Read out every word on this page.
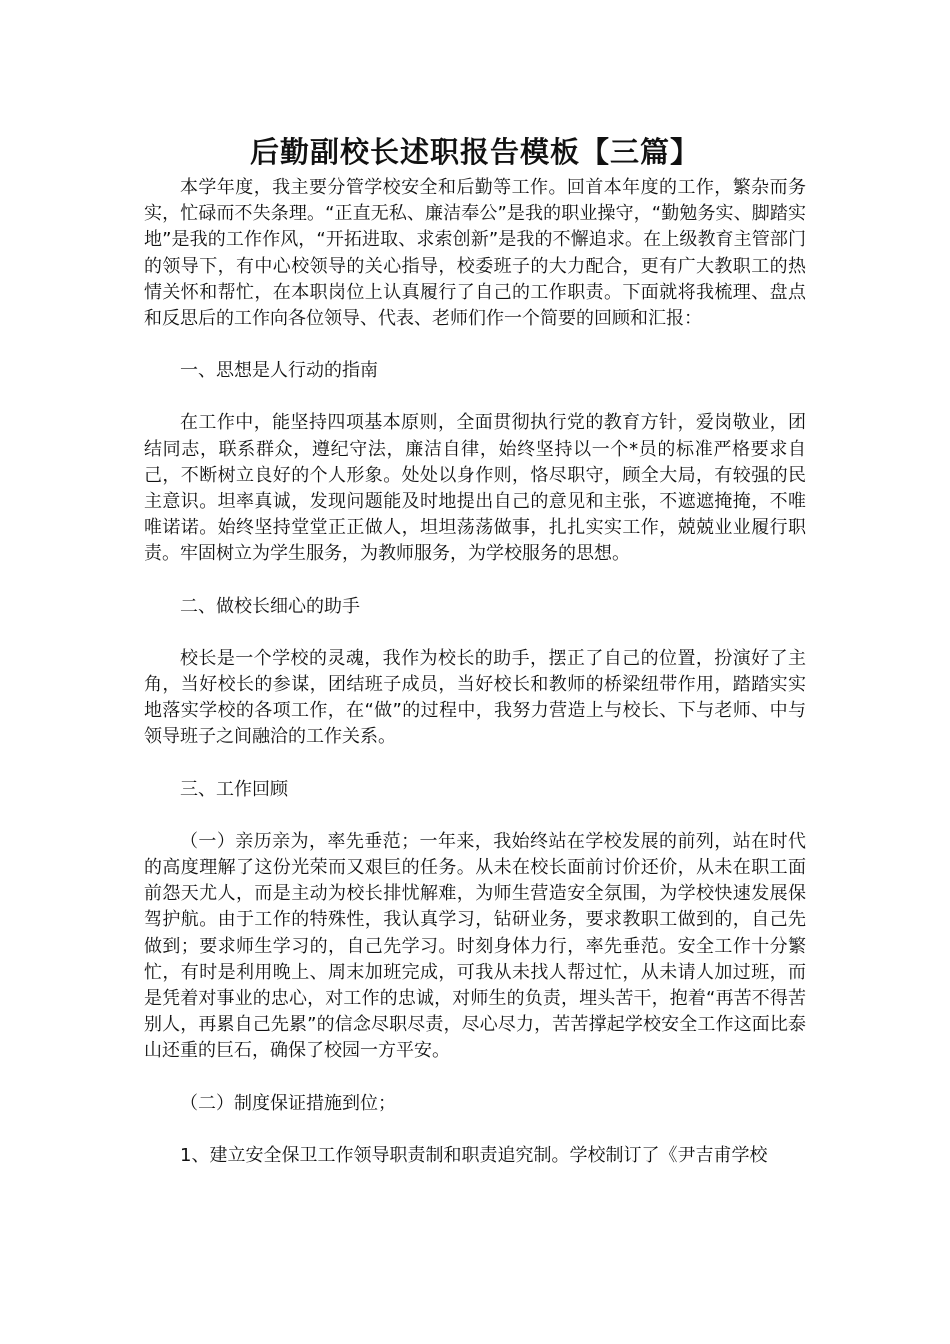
后勤副校长述职报告模板【三篇】

本学年度，我主要分管学校安全和后勤等工作。回首本年度的工作，繁杂而务实，忙碌而不失条理。“正直无私、廉洁奉公”是我的职业操守，“勤勉务实、脚踏实地”是我的工作作风，“开拓进取、求索创新”是我的不懈追求。在上级教育主管部门的领导下，有中心校领导的关心指导，校委班子的大力配合，更有广大教职工的热情关怀和帮忙，在本职岗位上认真履行了自己的工作职责。下面就将我梳理、盘点和反思后的工作向各位领导、代表、老师们作一个简要的回顾和汇报：

一、思想是人行动的指南

在工作中，能坚持四项基本原则，全面贯彻执行党的教育方针，爱岗敬业，团结同志，联系群众，遵纪守法，廉洁自律，始终坚持以一个*员的标准严格要求自己，不断树立良好的个人形象。处处以身作则，恪尽职守，顾全大局，有较强的民主意识。坦率真诚，发现问题能及时地提出自己的意见和主张，不遮遮掩掩，不唯唯诺诺。始终坚持堂堂正正做人，坦坦荡荡做事，扎扎实实工作，兢兢业业履行职责。牢固树立为学生服务，为教师服务，为学校服务的思想。

二、做校长细心的助手

校长是一个学校的灵魂，我作为校长的助手，摆正了自己的位置，扮演好了主角，当好校长的参谋，团结班子成员，当好校长和教师的桥梁纽带作用，踏踏实实地落实学校的各项工作，在“做”的过程中，我努力营造上与校长、下与老师、中与领导班子之间融洽的工作关系。

三、工作回顾

（一）亲历亲为，率先垂范；一年来，我始终站在学校发展的前列，站在时代的高度理解了这份光荣而又艰巨的任务。从未在校长面前讨价还价，从未在职工面前怨天尤人，而是主动为校长排忧解难，为师生营造安全氛围，为学校快速发展保驾护航。由于工作的特殊性，我认真学习，钻研业务，要求教职工做到的，自己先做到；要求师生学习的，自己先学习。时刻身体力行，率先垂范。安全工作十分繁忙，有时是利用晚上、周末加班完成，可我从未找人帮过忙，从未请人加过班，而是凭着对事业的忠心，对工作的忠诚，对师生的负责，埋头苦干，抱着“再苦不得苦别人，再累自己先累”的信念尽职尽责，尽心尽力，苦苦撑起学校安全工作这面比泰山还重的巨石，确保了校园一方平安。

（二）制度保证措施到位；

1、建立安全保卫工作领导职责制和职责追究制。学校制订了《尹吉甫学校
